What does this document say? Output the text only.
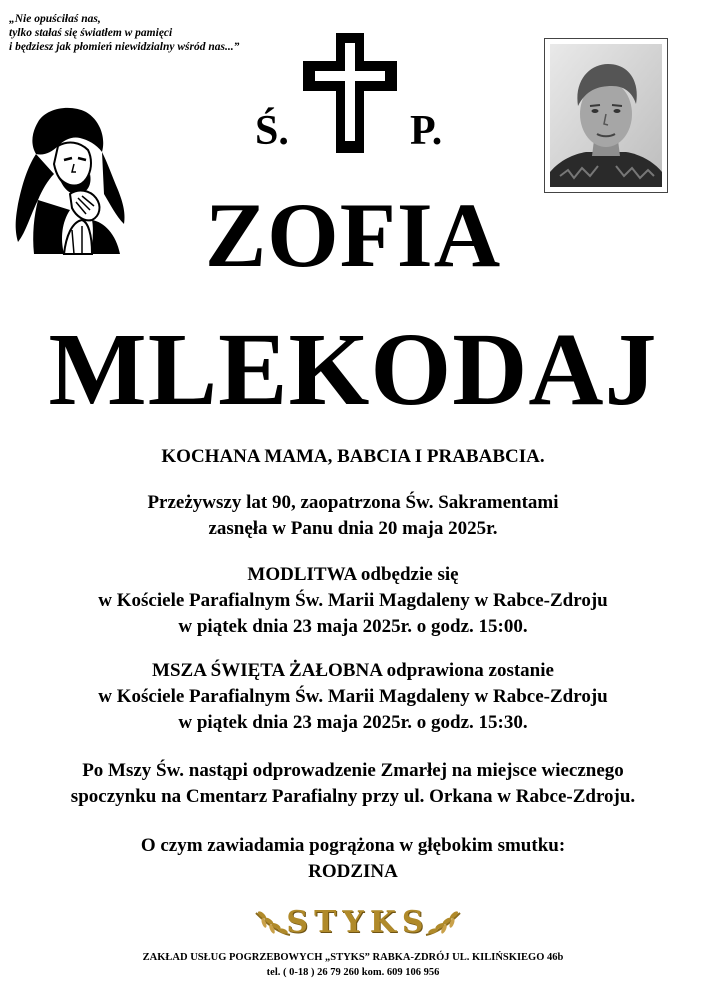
„Nie opuściłaś nas,
tylko stałaś się światłem w pamięci
i będziesz jak płomień niewidzialny wśród nas...”
Ś.	P.
ZOFIA
MLEKODAJ
KOCHANA MAMA, BABCIA I PRABABCIA.
Przeżywszy lat 90, zaopatrzona Św. Sakramentami
zasnęła w Panu dnia 20 maja 2025r.
MODLITWA odbędzie się
w Kościele Parafialnym Św. Marii Magdaleny w Rabce-Zdroju
w piątek dnia 23 maja 2025r. o godz. 15:00.
MSZA ŚWIĘTA ŻAŁOBNA odprawiona zostanie
w Kościele Parafialnym Św. Marii Magdaleny w Rabce-Zdroju
w piątek dnia 23 maja 2025r. o godz. 15:30.
Po Mszy Św. nastąpi odprowadzenie Zmarłej na miejsce wiecznego
spoczynku na Cmentarz Parafialny przy ul. Orkana w Rabce-Zdroju.
O czym zawiadamia pogrążona w głębokim smutku:
RODZINA
STYKS
ZAKŁAD USŁUG POGRZEBOWYCH „STYKS” RABKA-ZDRÓJ UL. KILIŃSKIEGO 46b
tel. ( 0-18 ) 26 79 260 kom. 609 106 956
